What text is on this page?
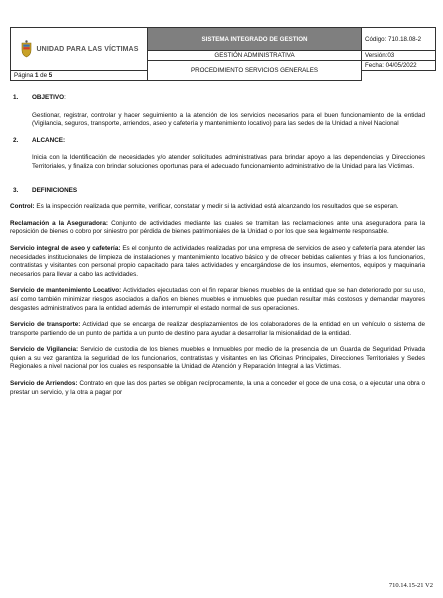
UNIDAD PARA LAS VÍCTIMAS	SISTEMA INTEGRADO DE GESTION	Código: 710.18.08-2

	GESTIÓN ADMINISTRATIVA	Versión:03
	PROCEDIMIENTO SERVICIOS GENERALES	Fecha: 04/05/2022
Página 1 de 5		

1. OBJETIVO:

Gestionar, registrar, controlar y hacer seguimiento a la atención de los servicios necesarios para el buen funcionamiento de la entidad (Vigilancia, seguros, transporte, arriendos, aseo y cafetería y mantenimiento locativo) para las sedes de la Unidad a nivel Nacional

2. ALCANCE:

Inicia con la Identificación de necesidades y/o atender solicitudes administrativas para brindar apoyo a las dependencias y Direcciones Territoriales, y finaliza con brindar soluciones oportunas para el adecuado funcionamiento administrativo de la Unidad para las Víctimas.

3. DEFINICIONES

Control: Es la inspección realizada que permite, verificar, constatar y medir si la actividad está alcanzando los resultados que se esperan.

Reclamación a la Aseguradora: Conjunto de actividades mediante las cuales se tramitan las reclamaciones ante una aseguradora para la reposición de bienes o cobro por siniestro por pérdida de bienes patrimoniales de la Unidad o por los que sea legalmente responsable.

Servicio integral de aseo y cafetería: Es el conjunto de actividades realizadas por una empresa de servicios de aseo y cafetería para atender las necesidades institucionales de limpieza de instalaciones y mantenimiento locativo básico y de ofrecer bebidas calientes y frías a los funcionarios, contratistas y visitantes con personal propio capacitado para tales actividades y encargándose de los insumos, elementos, equipos y maquinaria necesarios para llevar a cabo las actividades.

Servicio de mantenimiento Locativo: Actividades ejecutadas con el fin reparar bienes muebles de la entidad que se han deteriorado por su uso, así como también minimizar riesgos asociados a daños en bienes muebles e inmuebles que puedan resultar más costosos y demandar mayores desgastes administrativos para la entidad además de interrumpir el estado normal de sus operaciones.

Servicio de transporte: Actividad que se encarga de realizar desplazamientos de los colaboradores de la entidad en un vehículo o sistema de transporte partiendo de un punto de partida a un punto de destino para ayudar a desarrollar la misionalidad de la entidad.

Servicio de Vigilancia: Servicio de custodia de los bienes muebles e Inmuebles por medio de la presencia de un Guarda de Seguridad Privada quien a su vez garantiza la seguridad de los funcionarios, contratistas y visitantes en las Oficinas Principales, Direcciones Territoriales y Sedes Regionales a nivel nacional por los cuales es responsable la Unidad de Atención y Reparación Integral a las Victimas.

Servicio de Arriendos: Contrato en que las dos partes se obligan recíprocamente, la una a conceder el goce de una cosa, o a ejecutar una obra o prestar un servicio, y la otra a pagar por

710.14.15-21 V2
